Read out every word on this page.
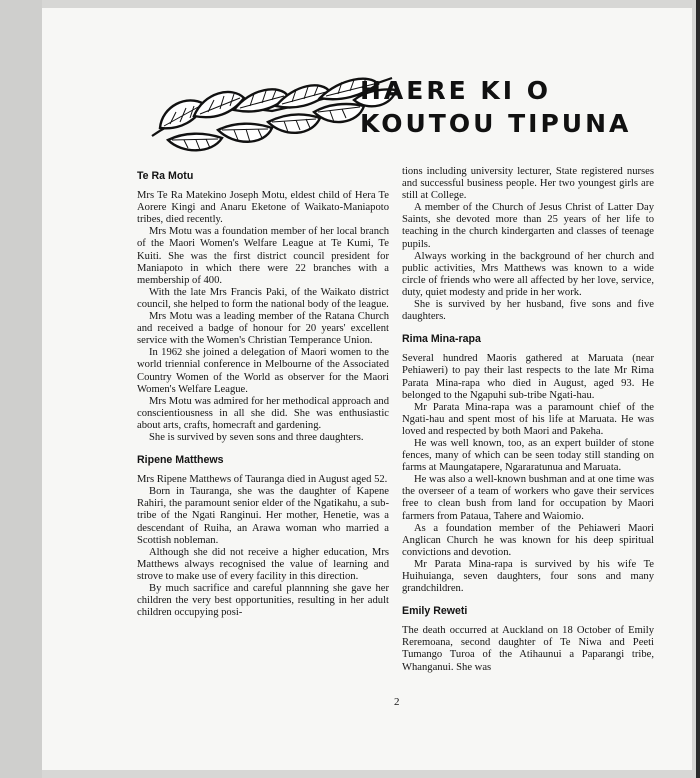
HAERE KI O
KOUTOU TIPUNA
Te Ra Motu

Mrs Te Ra Matekino Joseph Motu, eldest child of Hera Te Aorere Kingi and Anaru Eketone of Waikato-Maniapoto tribes, died recently.

Mrs Motu was a foundation member of her local branch of the Maori Women's Welfare League at Te Kumi, Te Kuiti. She was the first district council president for Maniapoto in which there were 22 branches with a membership of 400.

With the late Mrs Francis Paki, of the Waikato district council, she helped to form the national body of the league.

Mrs Motu was a leading member of the Ratana Church and received a badge of honour for 20 years' excellent service with the Women's Christian Temperance Union.

In 1962 she joined a delegation of Maori women to the world triennial conference in Melbourne of the Associated Country Women of the World as observer for the Maori Women's Welfare League.

Mrs Motu was admired for her methodical approach and conscientiousness in all she did. She was enthusiastic about arts, crafts, homecraft and gardening.

She is survived by seven sons and three daughters.

Ripene Matthews

Mrs Ripene Matthews of Tauranga died in August aged 52.

Born in Tauranga, she was the daughter of Kapene Rahiri, the paramount senior elder of the Ngatikahu, a sub-tribe of the Ngati Ranginui. Her mother, Henetie, was a descendant of Ruiha, an Arawa woman who married a Scottish nobleman.

Although she did not receive a higher education, Mrs Matthews always recognised the value of learning and strove to make use of every facility in this direction.

By much sacrifice and careful plannning she gave her children the very best opportunities, resulting in her adult children occupying posi-

tions including university lecturer, State registered nurses and successful business people. Her two youngest girls are still at College.

A member of the Church of Jesus Christ of Latter Day Saints, she devoted more than 25 years of her life to teaching in the church kindergarten and classes of teenage pupils.

Always working in the background of her church and public activities, Mrs Matthews was known to a wide circle of friends who were all affected by her love, service, duty, quiet modesty and pride in her work.

She is survived by her husband, five sons and five daughters.

Rima Mina-rapa

Several hundred Maoris gathered at Maruata (near Pehiaweri) to pay their last respects to the late Mr Rima Parata Mina-rapa who died in August, aged 93. He belonged to the Ngapuhi sub-tribe Ngati-hau.

Mr Parata Mina-rapa was a paramount chief of the Ngati-hau and spent most of his life at Maruata. He was loved and respected by both Maori and Pakeha.

He was well known, too, as an expert builder of stone fences, many of which can be seen today still standing on farms at Maungatapere, Ngararatunua and Maruata.

He was also a well-known bushman and at one time was the overseer of a team of workers who gave their services free to clean bush from land for occupation by Maori farmers from Pataua, Tahere and Waiomio.

As a foundation member of the Pehiaweri Maori Anglican Church he was known for his deep spiritual convictions and devotion.

Mr Parata Mina-rapa is survived by his wife Te Huihuianga, seven daughters, four sons and many grandchildren.

Emily Reweti

The death occurred at Auckland on 18 October of Emily Reremoana, second daughter of Te Niwa and Peeti Tumango Turoa of the Atihaunui a Paparangi tribe, Whanganui. She was

2
